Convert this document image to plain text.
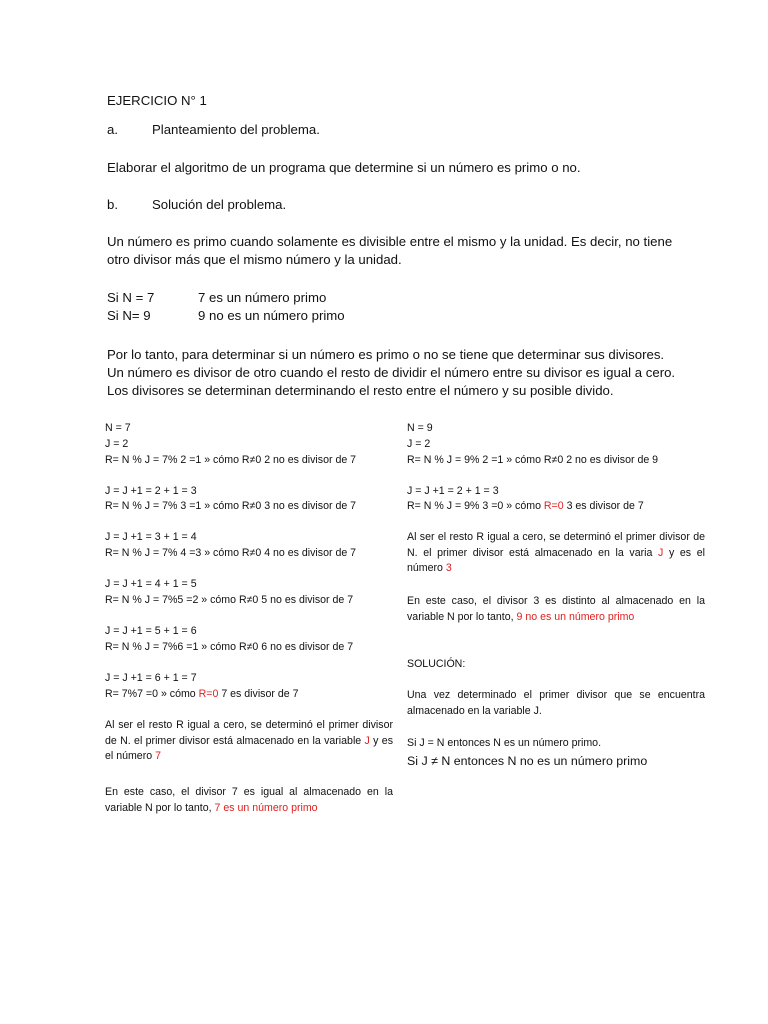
EJERCICIO N° 1
a.	Planteamiento del problema.
Elaborar el algoritmo de un programa que determine si un número es primo o no.
b.	Solución del problema.
Un número es primo cuando solamente es divisible entre el mismo y la unidad. Es decir, no tiene
otro divisor más que el mismo número y la unidad.
Si N = 7	7 es un número primo
Si N= 9	9 no es un número primo
Por lo tanto, para determinar si un número es primo o no se tiene que determinar sus divisores.
Un número es divisor de otro cuando el resto de dividir el número entre su divisor es igual a cero.
Los divisores se determinan determinando el resto entre el número y su posible divido.
N = 7
J = 2
R= N % J = 7% 2 =1 » cómo R≠0 2 no es divisor de 7
J = J +1 = 2 + 1 = 3
R= N % J = 7% 3 =1 » cómo R≠0 3 no es divisor de 7
J = J +1 = 3 + 1 = 4
R= N % J = 7% 4 =3 » cómo R≠0 4 no es divisor de 7
J = J +1 = 4 + 1 = 5
R= N % J = 7%5 =2 » cómo R≠0 5 no es divisor de 7
J = J +1 = 5 + 1 = 6
R= N % J = 7%6 =1 » cómo R≠0 6 no es divisor de 7
J = J +1 = 6 + 1 = 7
R= 7%7 =0 » cómo R=0 7 es divisor de 7
Al ser el resto R igual a cero, se determinó el primer divisor de N. el primer divisor está almacenado en la variable J y es el número 7
En este caso, el divisor 7 es igual al almacenado en la variable N por lo tanto, 7 es un número primo
N = 9
J = 2
R= N % J = 9% 2 =1 » cómo R≠0 2 no es divisor de 9
J = J +1 = 2 + 1 = 3
R= N % J = 9% 3 =0 » cómo R=0 3 es divisor de 7
Al ser el resto R igual a cero, se determinó el primer divisor de N. el primer divisor está almacenado en la varia J y es el número 3
En este caso, el divisor 3 es distinto al almacenado en la variable N por lo tanto, 9 no es un número primo
SOLUCIÓN:
Una vez determinado el primer divisor que se encuentra almacenado en la variable J.
Si J = N entonces N es un número primo.
Si J ≠ N entonces N no es un número primo
